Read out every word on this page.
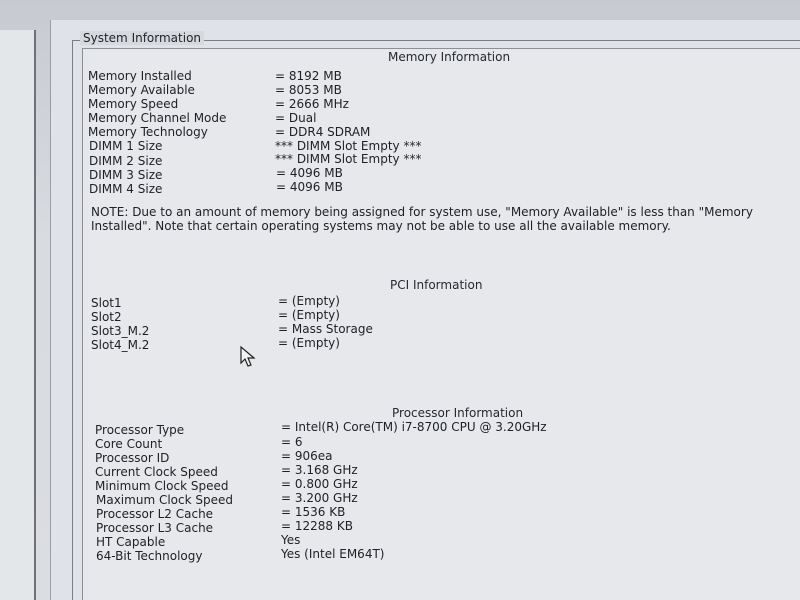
System Information
Memory Information
Memory Installed	= 8192 MB
Memory Available	= 8053 MB
Memory Speed	= 2666 MHz
Memory Channel Mode	= Dual
Memory Technology	= DDR4 SDRAM
DIMM 1 Size	*** DIMM Slot Empty ***
DIMM 2 Size	*** DIMM Slot Empty ***
DIMM 3 Size	= 4096 MB
DIMM 4 Size	= 4096 MB
NOTE: Due to an amount of memory being assigned for system use, "Memory Available" is less than "Memory Installed". Note that certain operating systems may not be able to use all the available memory.
PCI Information
Slot1	= (Empty)
Slot2	= (Empty)
Slot3_M.2	= Mass Storage
Slot4_M.2	= (Empty)
Processor Information
Processor Type	= Intel(R) Core(TM) i7-8700 CPU @ 3.20GHz
Core Count	= 6
Processor ID	= 906ea
Current Clock Speed	= 3.168 GHz
Minimum Clock Speed	= 0.800 GHz
Maximum Clock Speed	= 3.200 GHz
Processor L2 Cache	= 1536 KB
Processor L3 Cache	= 12288 KB
HT Capable	Yes
64-Bit Technology	Yes (Intel EM64T)
